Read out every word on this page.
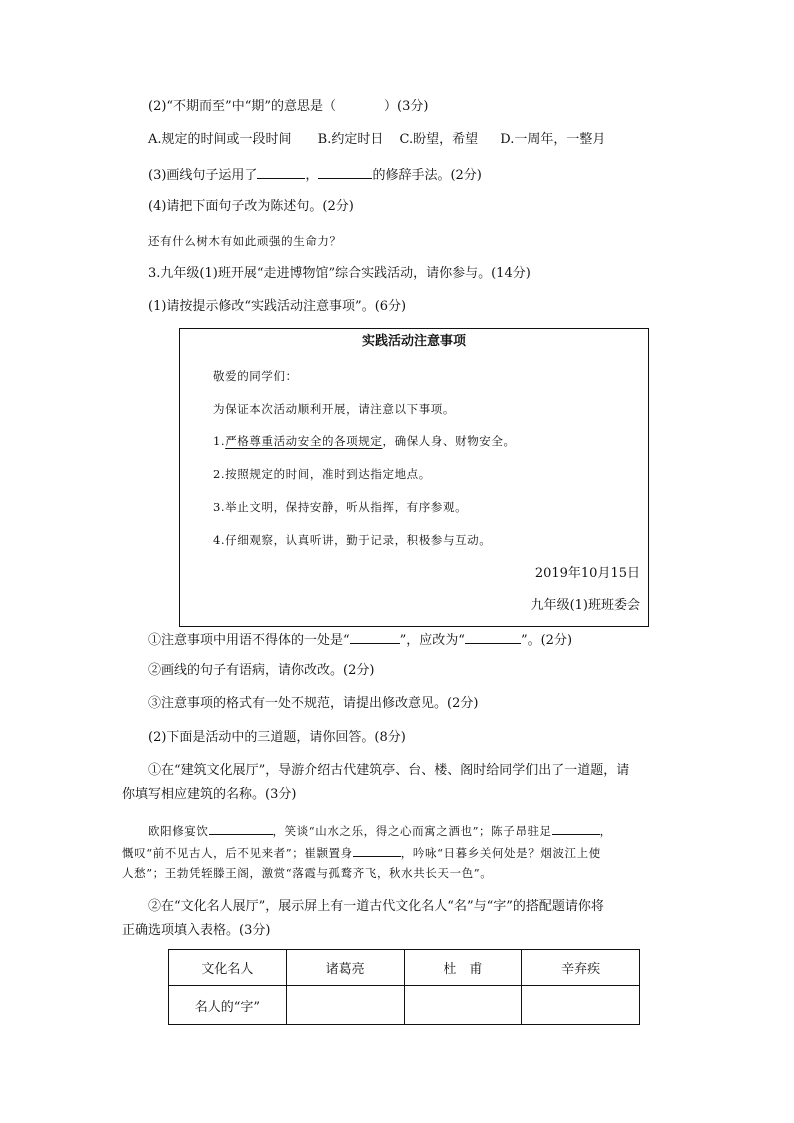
(2)“不期而至”中“期”的意思是（	）(3分)
A.规定的时间或一段时间 B.约定时日 C.盼望，希望 D.一周年，一整月
(3)画线句子运用了	，	的修辞手法。(2分)
(4)请把下面句子改为陈述句。(2分)
还有什么树木有如此顽强的生命力？
3.九年级(1)班开展“走进博物馆”综合实践活动，请你参与。(14分)
(1)请按提示修改“实践活动注意事项”。(6分)
实践活动注意事项
敬爱的同学们：
为保证本次活动顺利开展，请注意以下事项。
1.严格尊重活动安全的各项规定，确保人身、财物安全。
2.按照规定的时间，准时到达指定地点。
3.举止文明，保持安静，听从指挥，有序参观。
4.仔细观察，认真听讲，勤于记录，积极参与互动。
2019年10月15日
九年级(1)班班委会
①注意事项中用语不得体的一处是“	”，应改为“	”。(2分)
②画线的句子有语病，请你改改。(2分)
③注意事项的格式有一处不规范，请提出修改意见。(2分)
(2)下面是活动中的三道题，请你回答。(8分)
①在“建筑文化展厅”，导游介绍古代建筑亭、台、楼、阁时给同学们出了一道题，请
你填写相应建筑的名称。(3分)
欧阳修宴饮	，笑谈“山水之乐，得之心而寓之酒也”；陈子昂驻足	，
慨叹“前不见古人，后不见来者”；崔颢置身	，吟咏“日暮乡关何处是？烟波江上使
人愁”；王勃凭轾滕王阁，激赏“落霞与孤鹜齐飞，秋水共长天一色”。
②在“文化名人展厅”，展示屏上有一道古代文化名人“名”与“字”的搭配题请你将
正确选项填入表格。(3分)
文化名人	诸葛亮	杜　甫	辛弃疾
名人的“字”			
